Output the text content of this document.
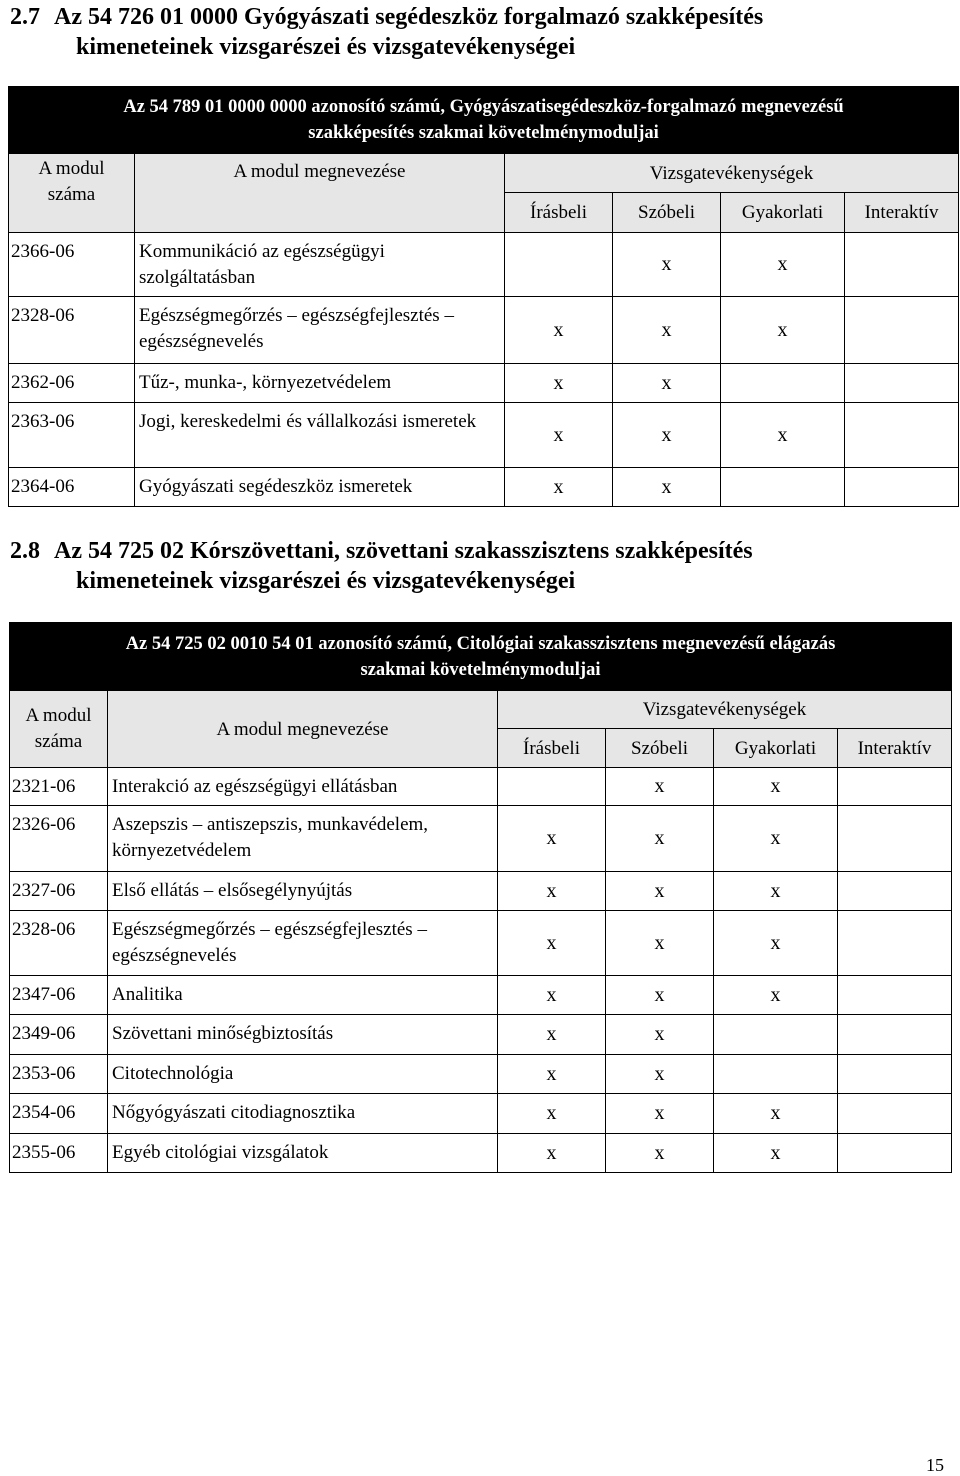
2.7 Az 54 726 01 0000 Gyógyászati segédeszköz forgalmazó szakképesítés
kimeneteinek vizsgarészei és vizsgatevékenységei
Az 54 789 01 0000 0000 azonosító számú, Gyógyászatisegédeszköz-forgalmazó megnevezésű
szakképesítés szakmai követelménymoduljai					

A modul
száma	A modul megnevezése	Vizsgatevékenységek			
		Írásbeli	Szóbeli	Gyakorlati	Interaktív
2366-06	Kommunikáció az egészségügyi szolgáltatásban		x	x	
2328-06	Egészségmegőrzés – egészségfejlesztés –egészségnevelés	x	x	x	
2362-06	Tűz-, munka-, környezetvédelem	x	x		
2363-06	Jogi, kereskedelmi és vállalkozási ismeretek	x	x	x	
2364-06	Gyógyászati segédeszköz ismeretek	x	x		
2.8 Az 54 725 02 Kórszövettani, szövettani szakasszisztens szakképesítés
kimeneteinek vizsgarészei és vizsgatevékenységei
Az 54 725 02 0010 54 01 azonosító számú, Citológiai szakasszisztens megnevezésű elágazás
szakmai követelménymoduljai					

A modul
száma	A modul megnevezése	Vizsgatevékenységek			
		Írásbeli	Szóbeli	Gyakorlati	Interaktív
2321-06	Interakció az egészségügyi ellátásban		x	x	
2326-06	Aszepszis – antiszepszis, munkavédelem, környezetvédelem	x	x	x	
2327-06	Első ellátás – elsősegélynyújtás	x	x	x	
2328-06	Egészségmegőrzés – egészségfejlesztés – egészségnevelés	x	x	x	
2347-06	Analitika	x	x	x	
2349-06	Szövettani minőségbiztosítás	x	x		
2353-06	Citotechnológia	x	x		
2354-06	Nőgyógyászati citodiagnosztika	x	x	x	
2355-06	Egyéb citológiai vizsgálatok	x	x	x	
15
